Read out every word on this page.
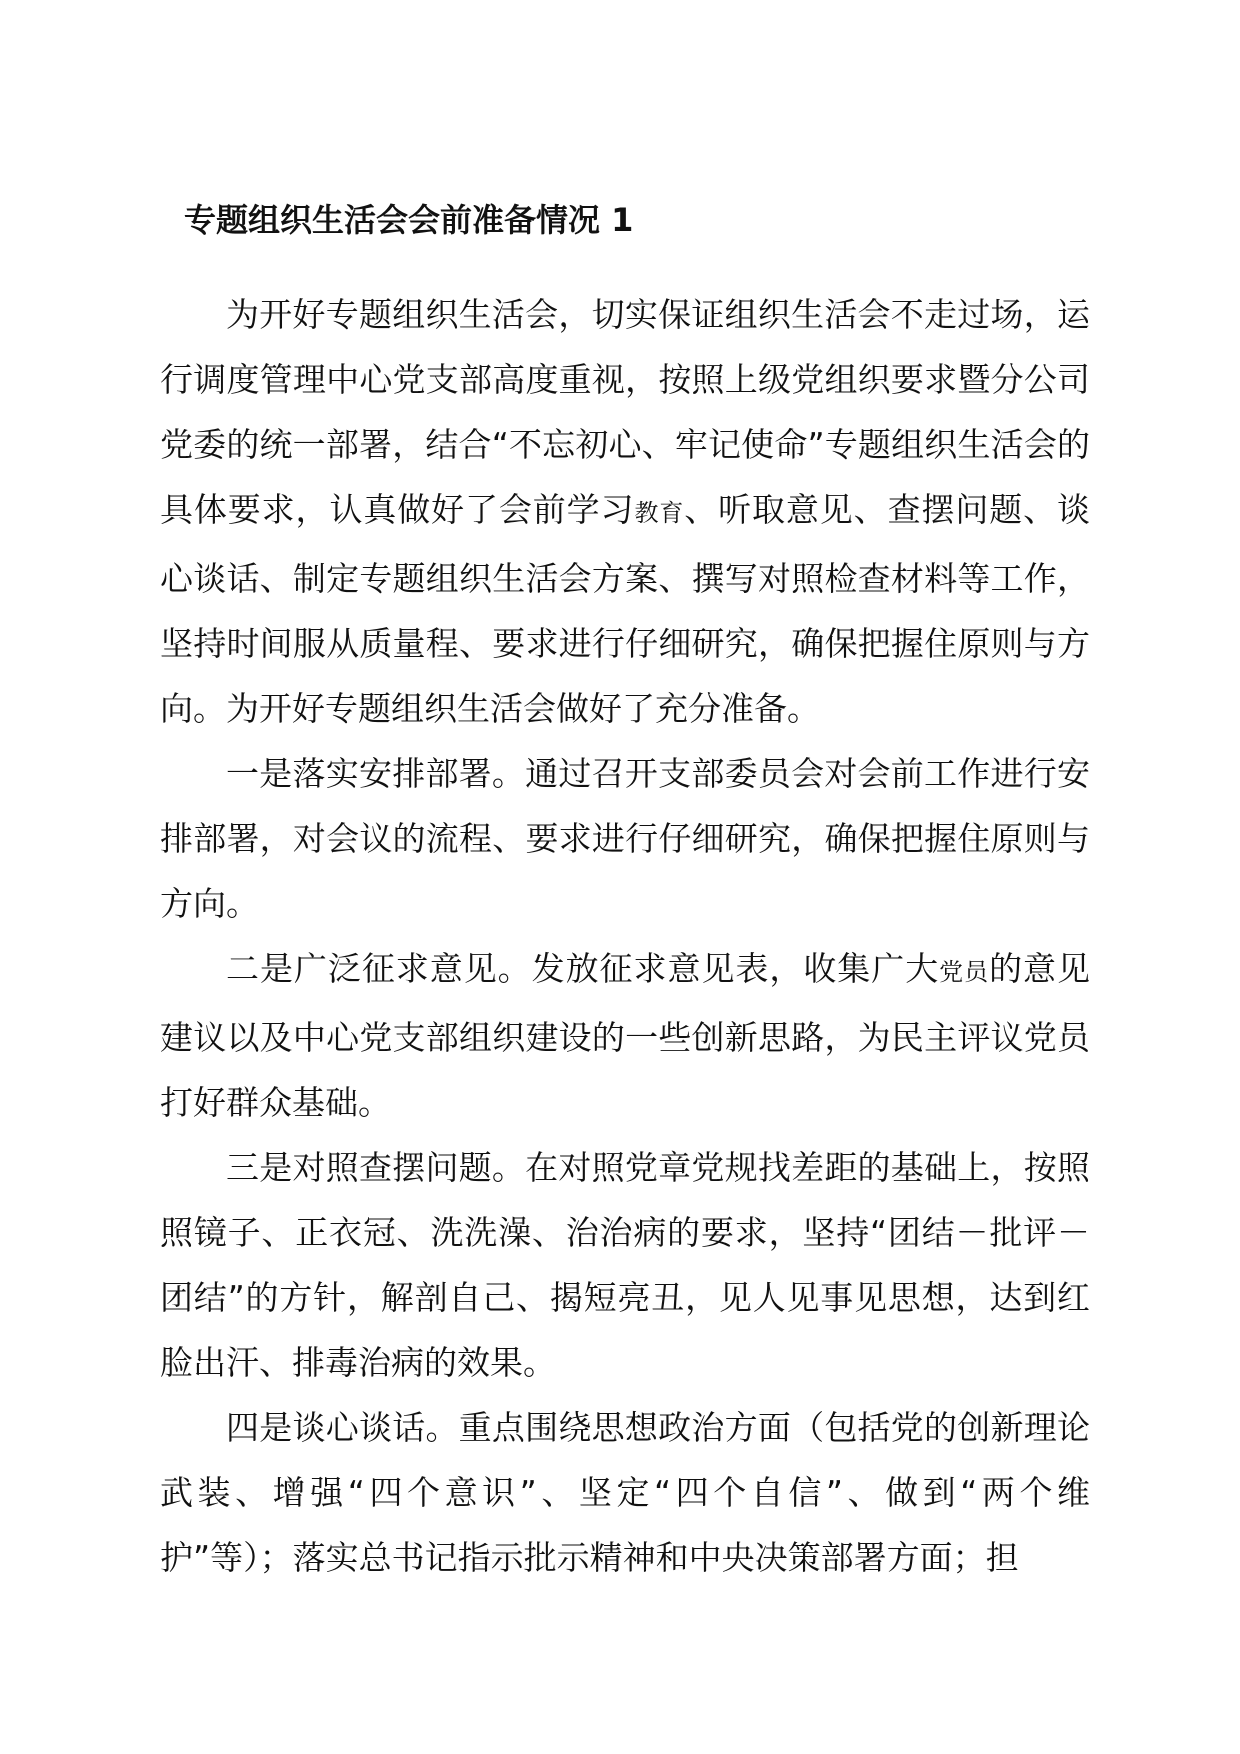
专题组织生活会会前准备情况 1

为开好专题组织生活会，切实保证组织生活会不走过场，运行调度管理中心党支部高度重视，按照上级党组织要求暨分公司党委的统一部署，结合“不忘初心、牢记使命”专题组织生活会的具体要求，认真做好了会前学习教育、听取意见、查摆问题、谈心谈话、制定专题组织生活会方案、撰写对照检查材料等工作，坚持时间服从质量程、要求进行仔细研究，确保把握住原则与方向。为开好专题组织生活会做好了充分准备。

一是落实安排部署。通过召开支部委员会对会前工作进行安排部署，对会议的流程、要求进行仔细研究，确保把握住原则与方向。

二是广泛征求意见。发放征求意见表，收集广大党员的意见建议以及中心党支部组织建设的一些创新思路，为民主评议党员打好群众基础。

三是对照查摆问题。在对照党章党规找差距的基础上，按照照镜子、正衣冠、洗洗澡、治治病的要求，坚持“团结－批评－团结”的方针，解剖自己、揭短亮丑，见人见事见思想，达到红脸出汗、排毒治病的效果。

四是谈心谈话。重点围绕思想政治方面（包括党的创新理论武装、增强“四个意识”、坚定“四个自信”、做到“两个维护”等）；落实总书记指示批示精神和中央决策部署方面；担
